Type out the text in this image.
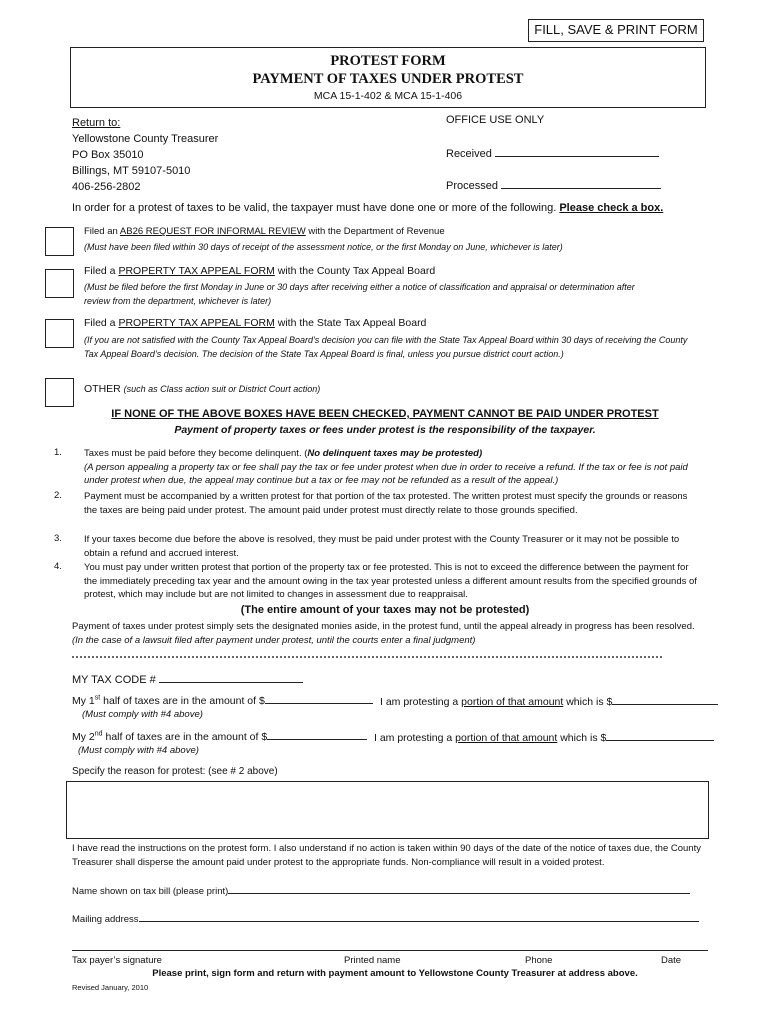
FILL, SAVE & PRINT FORM
PROTEST FORM
PAYMENT OF TAXES UNDER PROTEST
MCA 15-1-402 & MCA 15-1-406
Return to:
Yellowstone County Treasurer
PO Box 35010
Billings, MT 59107-5010
406-256-2802
OFFICE USE ONLY
Received
Processed
In order for a protest of taxes to be valid, the taxpayer must have done one or more of the following. Please check a box.
Filed an AB26 REQUEST FOR INFORMAL REVIEW with the Department of Revenue
(Must have been filed within 30 days of receipt of the assessment notice, or the first Monday on June, whichever is later)
Filed a PROPERTY TAX APPEAL FORM with the County Tax Appeal Board
(Must be filed before the first Monday in June or 30 days after receiving either a notice of classification and appraisal or determination after review from the department, whichever is later)
Filed a PROPERTY TAX APPEAL FORM with the State Tax Appeal Board
(If you are not satisfied with the County Tax Appeal Board’s decision you can file with the State Tax Appeal Board within 30 days of receiving the County Tax Appeal Board’s decision. The decision of the State Tax Appeal Board is final, unless you pursue district court action.)
OTHER (such as Class action suit or District Court action)
IF NONE OF THE ABOVE BOXES HAVE BEEN CHECKED, PAYMENT CANNOT BE PAID UNDER PROTEST
Payment of property taxes or fees under protest is the responsibility of the taxpayer.
1. Taxes must be paid before they become delinquent. (No delinquent taxes may be protested)
(A person appealing a property tax or fee shall pay the tax or fee under protest when due in order to receive a refund. If the tax or fee is not paid under protest when due, the appeal may continue but a tax or fee may not be refunded as a result of the appeal.)
2. Payment must be accompanied by a written protest for that portion of the tax protested. The written protest must specify the grounds or reasons the taxes are being paid under protest. The amount paid under protest must directly relate to those grounds specified.
3. If your taxes become due before the above is resolved, they must be paid under protest with the County Treasurer or it may not be possible to obtain a refund and accrued interest.
4. You must pay under written protest that portion of the property tax or fee protested. This is not to exceed the difference between the payment for the immediately preceding tax year and the amount owing in the tax year protested unless a different amount results from the specified grounds of protest, which may include but are not limited to changes in assessment due to reappraisal.
(The entire amount of your taxes may not be protested)
Payment of taxes under protest simply sets the designated monies aside, in the protest fund, until the appeal already in progress has been resolved. (In the case of a lawsuit filed after payment under protest, until the courts enter a final judgment)
MY TAX CODE #
My 1st half of taxes are in the amount of $	I am protesting a portion of that amount which is $
(Must comply with #4 above)
My 2nd half of taxes are in the amount of $	I am protesting a portion of that amount which is $
(Must comply with #4 above)
Specify the reason for protest: (see # 2 above)
I have read the instructions on the protest form. I also understand if no action is taken within 90 days of the date of the notice of taxes due, the County Treasurer shall disperse the amount paid under protest to the appropriate funds. Non-compliance will result in a voided protest.
Name shown on tax bill (please print)
Mailing address
Tax payer’s signature	Printed name	Phone	Date
Please print, sign form and return with payment amount to Yellowstone County Treasurer at address above.
Revised January, 2010
